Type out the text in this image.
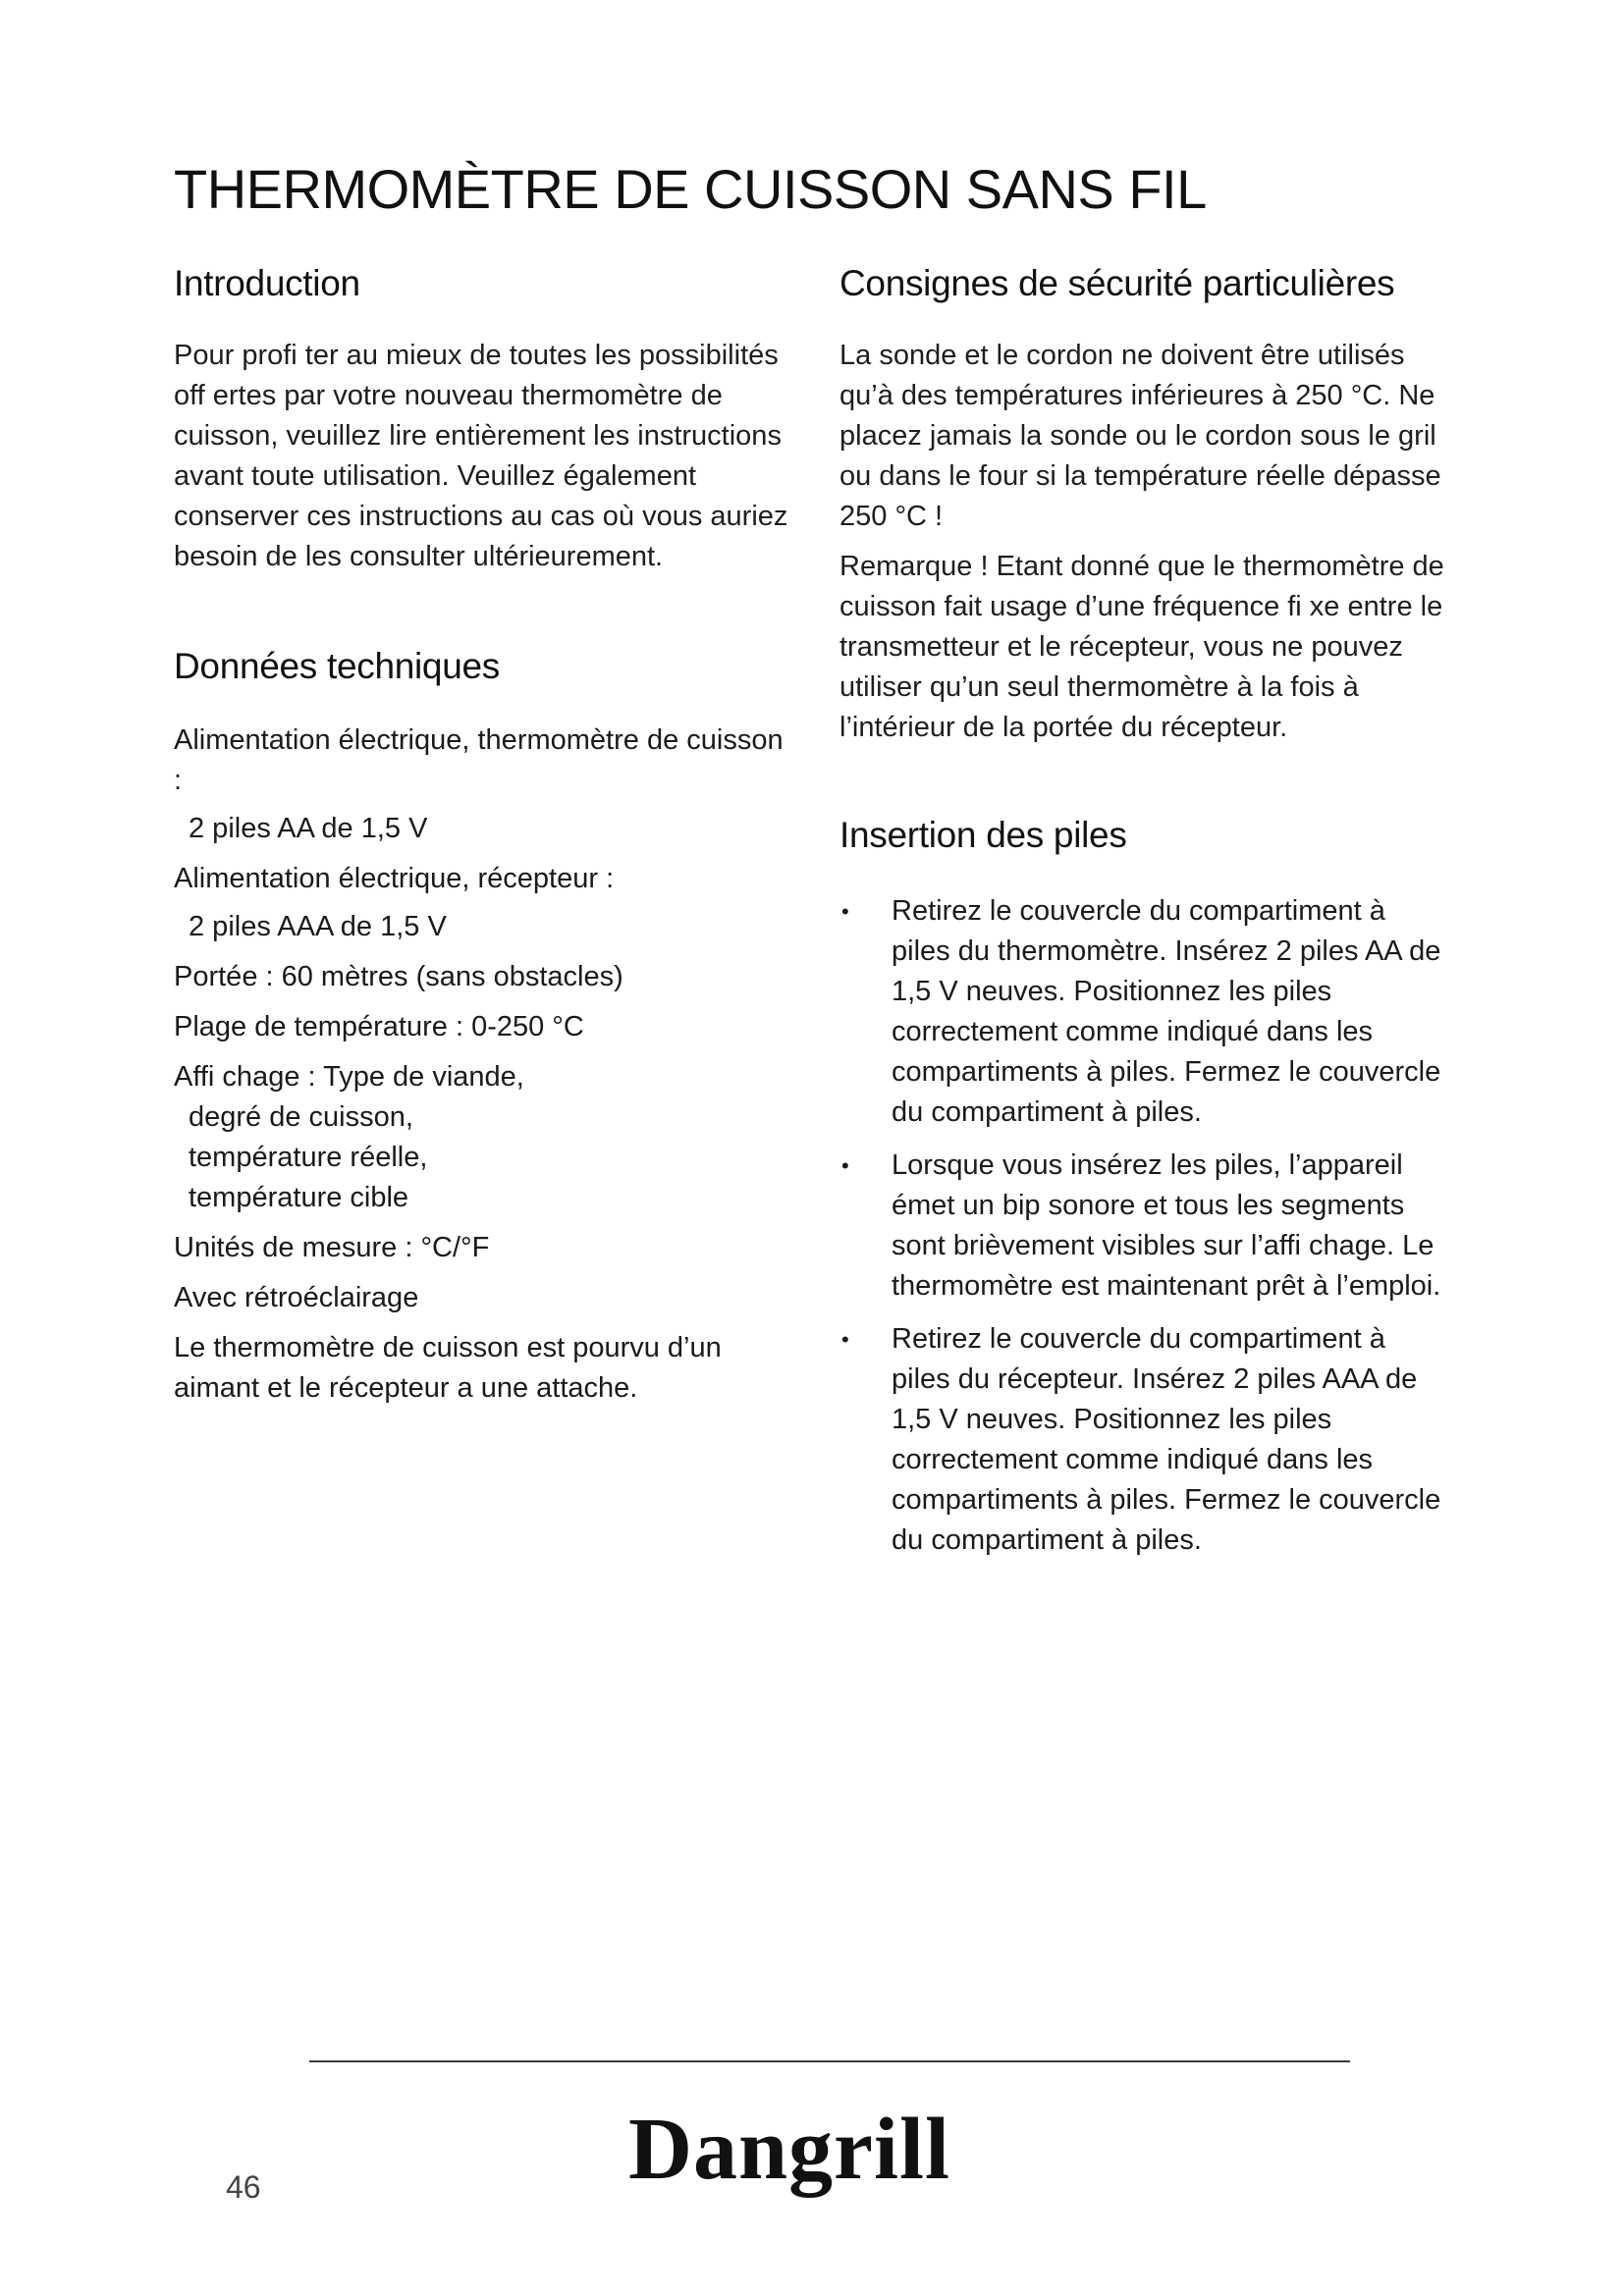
THERMOMÈTRE DE CUISSON SANS FIL
Introduction

Pour profi ter au mieux de toutes les possibilités off ertes par votre nouveau thermomètre de cuisson, veuillez lire entièrement les instructions avant toute utilisation. Veuillez également conserver ces instructions au cas où vous auriez besoin de les consulter ultérieurement.

Données techniques
Alimentation électrique, thermomètre de cuisson :
2 piles AA de 1,5 V
Alimentation électrique, récepteur :
2 piles AAA de 1,5 V
Portée : 60 mètres (sans obstacles)
Plage de température : 0-250 °C
Affi chage : Type de viande,
degré de cuisson,
température réelle,
température cible
Unités de mesure : °C/°F
Avec rétroéclairage
Le thermomètre de cuisson est pourvu d’un aimant et le récepteur a une attache.
Consignes de sécurité particulières

La sonde et le cordon ne doivent être utilisés qu’à des températures inférieures à 250 °C. Ne placez jamais la sonde ou le cordon sous le gril ou dans le four si la température réelle dépasse 250 °C !

Remarque ! Etant donné que le thermomètre de cuisson fait usage d’une fréquence fi xe entre le transmetteur et le récepteur, vous ne pouvez utiliser qu’un seul thermomètre à la fois à l’intérieur de la portée du récepteur.

Insertion des piles
• Retirez le couvercle du compartiment à piles du thermomètre. Insérez 2 piles AA de 1,5 V neuves. Positionnez les piles correctement comme indiqué dans les compartiments à piles. Fermez le couvercle du compartiment à piles.
• Lorsque vous insérez les piles, l’appareil émet un bip sonore et tous les segments sont brièvement visibles sur l’affi chage. Le thermomètre est maintenant prêt à l’emploi.
• Retirez le couvercle du compartiment à piles du récepteur. Insérez 2 piles AAA de 1,5 V neuves. Positionnez les piles correctement comme indiqué dans les compartiments à piles. Fermez le couvercle du compartiment à piles.
46	Dangrill
